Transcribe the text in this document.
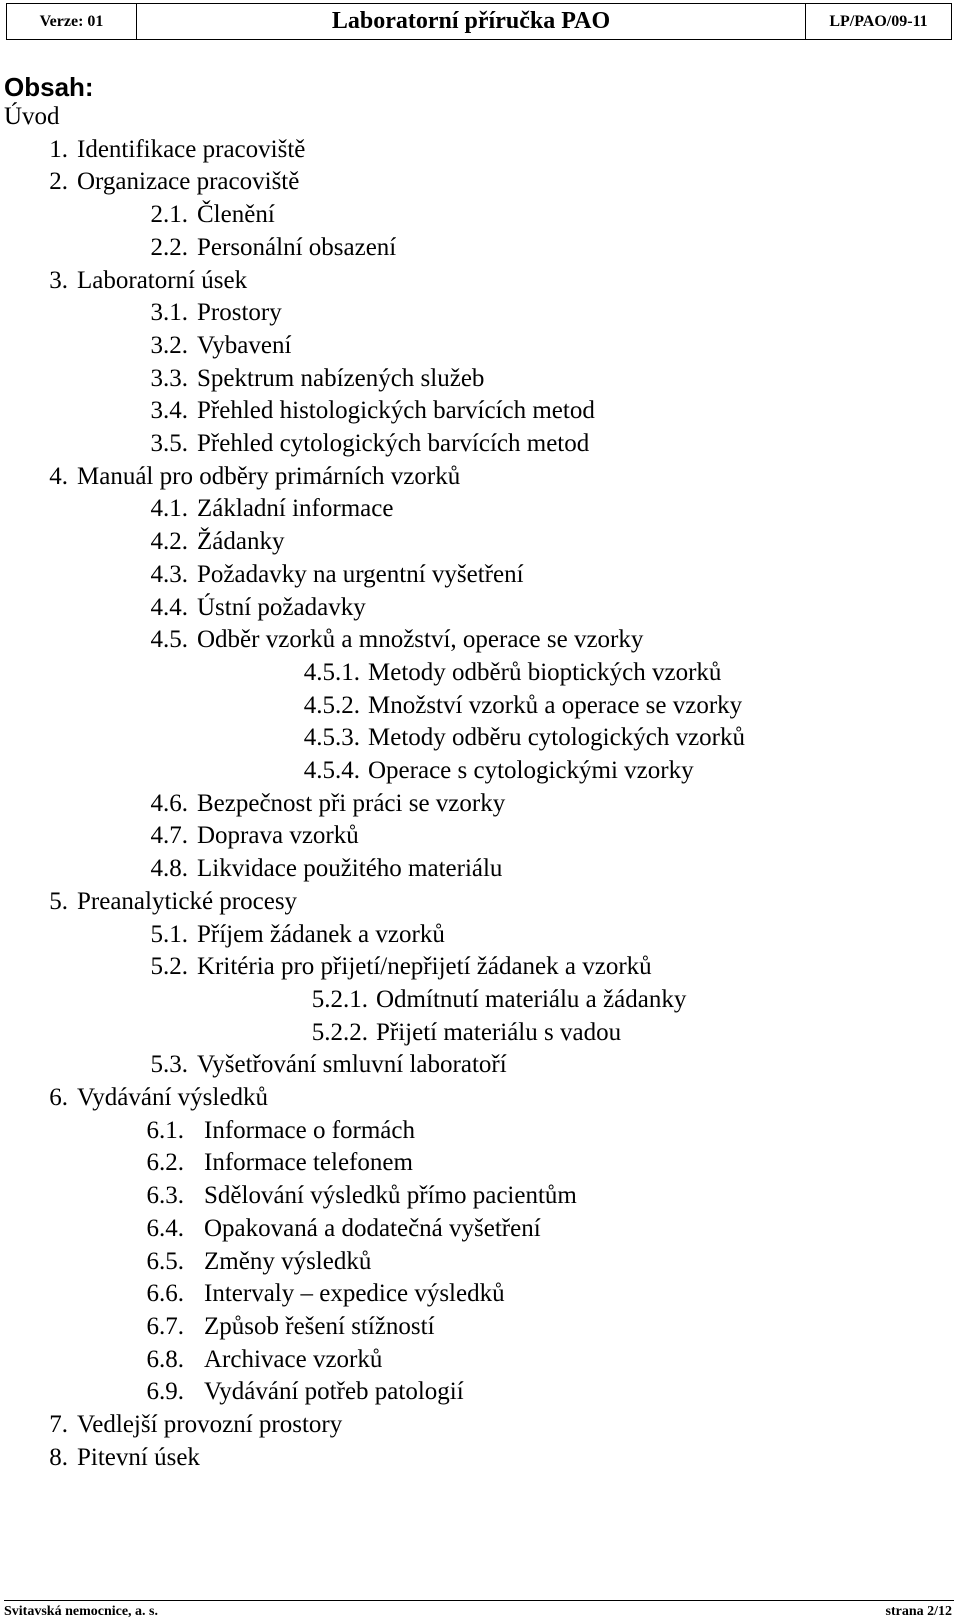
Verze: 01	Laboratorní příručka PAO	LP/PAO/09-11
Obsah:
Úvod
1. Identifikace pracoviště
2. Organizace pracoviště
2.1. Členění
2.2. Personální obsazení
3. Laboratorní úsek
3.1. Prostory
3.2. Vybavení
3.3. Spektrum nabízených služeb
3.4. Přehled histologických barvících metod
3.5. Přehled cytologických barvících metod
4. Manuál pro odběry primárních vzorků
4.1. Základní informace
4.2. Žádanky
4.3. Požadavky na urgentní vyšetření
4.4. Ústní požadavky
4.5. Odběr vzorků a množství, operace se vzorky
4.5.1. Metody odběrů bioptických vzorků
4.5.2. Množství vzorků a operace se vzorky
4.5.3. Metody odběru cytologických vzorků
4.5.4. Operace s cytologickými vzorky
4.6. Bezpečnost při práci se vzorky
4.7. Doprava vzorků
4.8. Likvidace použitého materiálu
5. Preanalytické procesy
5.1. Příjem žádanek a vzorků
5.2. Kritéria pro přijetí/nepřijetí žádanek a vzorků
5.2.1. Odmítnutí materiálu a žádanky
5.2.2. Přijetí materiálu s vadou
5.3. Vyšetřování smluvní laboratoří
6. Vydávání výsledků
6.1. Informace o formách
6.2. Informace telefonem
6.3. Sdělování výsledků přímo pacientům
6.4. Opakovaná a dodatečná vyšetření
6.5. Změny výsledků
6.6. Intervaly – expedice výsledků
6.7. Způsob řešení stížností
6.8. Archivace vzorků
6.9. Vydávání potřeb patologií
7. Vedlejší provozní prostory
8. Pitevní úsek
Svitavská nemocnice, a. s.	strana 2/12
